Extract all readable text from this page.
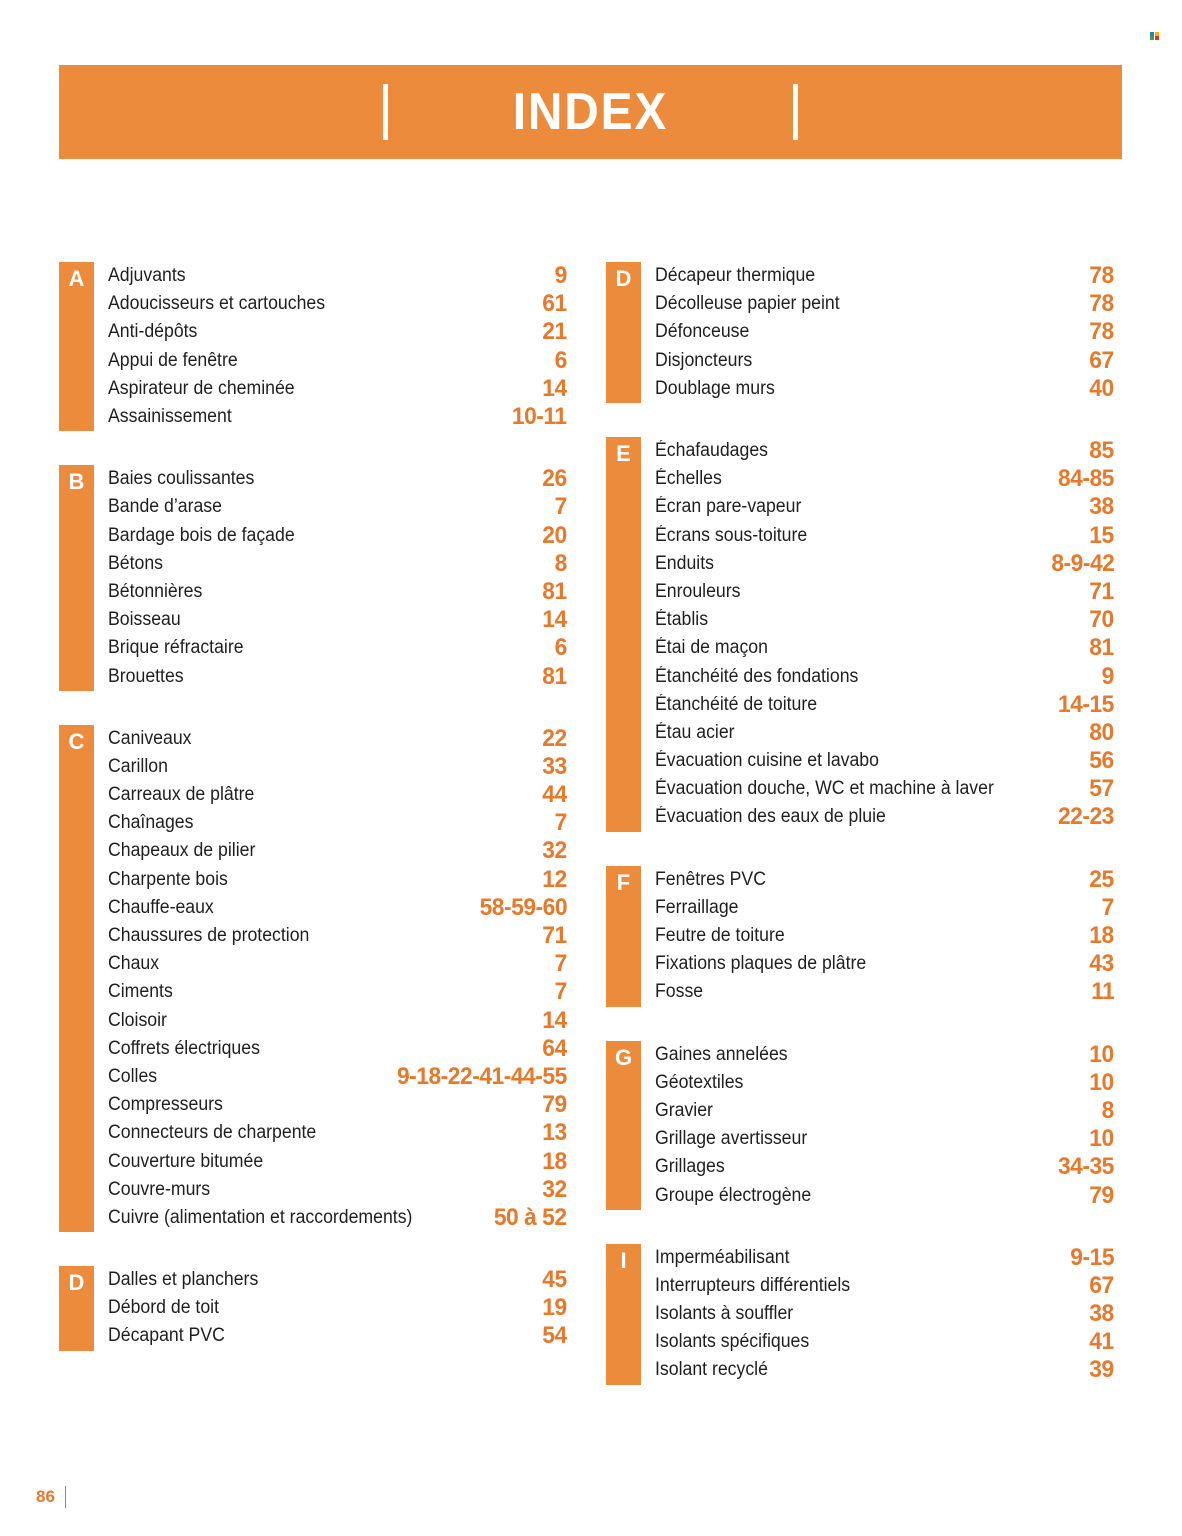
INDEX
A	Adjuvants	9
Adoucisseurs et cartouches	61
Anti-dépôts	21
Appui de fenêtre	6
Aspirateur de cheminée	14
Assainissement	10-11
B	Baies coulissantes	26
Bande d’arase	7
Bardage bois de façade	20
Bétons	8
Bétonnières	81
Boisseau	14
Brique réfractaire	6
Brouettes	81
C	Caniveaux	22
Carillon	33
Carreaux de plâtre	44
Chaînages	7
Chapeaux de pilier	32
Charpente bois	12
Chauffe-eaux	58-59-60
Chaussures de protection	71
Chaux	7
Ciments	7
Cloisoir	14
Coffrets électriques	64
Colles	9-18-22-41-44-55
Compresseurs	79
Connecteurs de charpente	13
Couverture bitumée	18
Couvre-murs	32
Cuivre (alimentation et raccordements)	50 à 52
D	Dalles et planchers	45
Débord de toit	19
Décapant PVC	54
D	Décapeur thermique	78
Décolleuse papier peint	78
Défonceuse	78
Disjoncteurs	67
Doublage murs	40
E	Échafaudages	85
Échelles	84-85
Écran pare-vapeur	38
Écrans sous-toiture	15
Enduits	8-9-42
Enrouleurs	71
Établis	70
Étai de maçon	81
Étanchéité des fondations	9
Étanchéité de toiture	14-15
Étau acier	80
Évacuation cuisine et lavabo	56
Évacuation douche, WC et machine à laver	57
Évacuation des eaux de pluie	22-23
F	Fenêtres PVC	25
Ferraillage	7
Feutre de toiture	18
Fixations plaques de plâtre	43
Fosse	11
G	Gaines annelées	10
Géotextiles	10
Gravier	8
Grillage avertisseur	10
Grillages	34-35
Groupe électrogène	79
I	Imperméabilisant	9-15
Interrupteurs différentiels	67
Isolants à souffler	38
Isolants spécifiques	41
Isolant recyclé	39
86
